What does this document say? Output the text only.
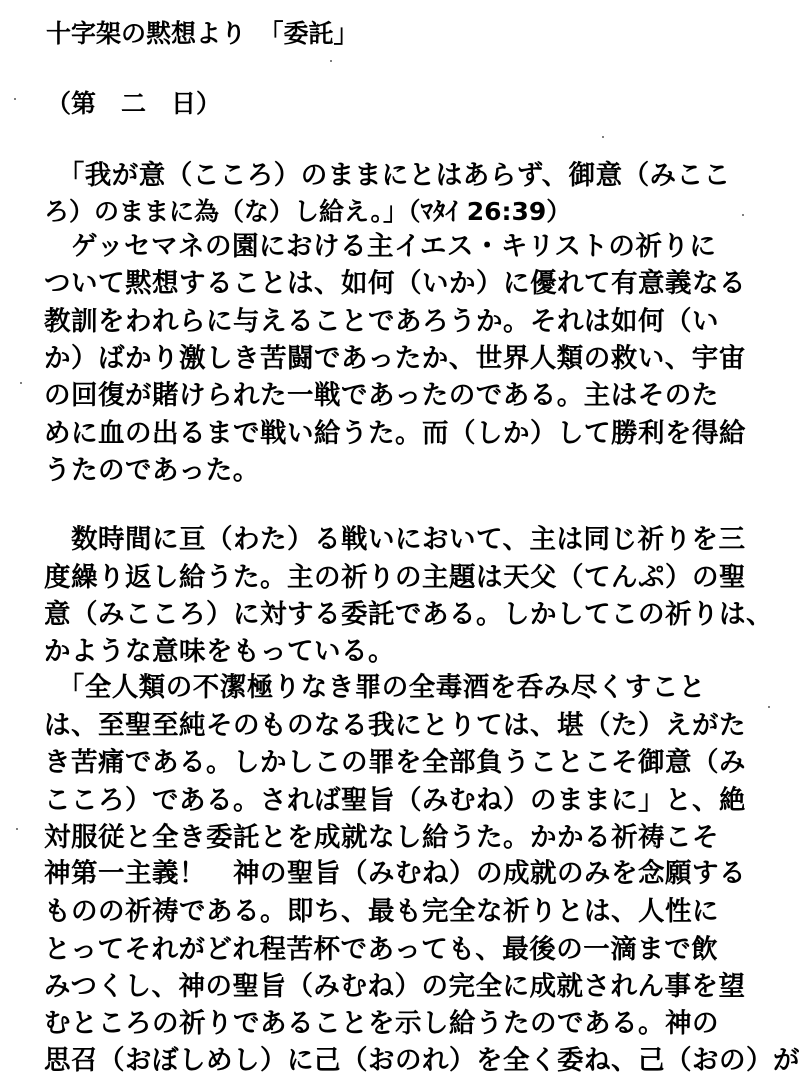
十字架の黙想より　「委託」
（第　二　日）
　「我が意（こころ）のままにとはあらず、御意（みここ
ろ）のままに為（な）し給え。」（ﾏﾀｲ 26:39）
　ゲッセマネの園における主イエス・キリストの祈りに
ついて黙想することは、如何（いか）に優れて有意義なる
教訓をわれらに与えることであろうか。それは如何（い
か）ばかり激しき苦闘であったか、世界人類の救い、宇宙
の回復が賭けられた一戦であったのである。主はそのた
めに血の出るまで戦い給うた。而（しか）して勝利を得給
うたのであった。
　数時間に亘（わた）る戦いにおいて、主は同じ祈りを三
度繰り返し給うた。主の祈りの主題は天父（てんぷ）の聖
意（みこころ）に対する委託である。しかしてこの祈りは、
かような意味をもっている。
　「全人類の不潔極りなき罪の全毒酒を呑み尽くすこと
は、至聖至純そのものなる我にとりては、堪（た）えがた
き苦痛である。しかしこの罪を全部負うことこそ御意（み
こころ）である。されば聖旨（みむね）のままに」と、絶
対服従と全き委託とを成就なし給うた。かかる祈祷こそ
神第一主義！　神の聖旨（みむね）の成就のみを念願する
ものの祈祷である。即ち、最も完全な祈りとは、人性に
とってそれがどれ程苦杯であっても、最後の一滴まで飲
みつくし、神の聖旨（みむね）の完全に成就されん事を望
むところの祈りであることを示し給うたのである。神の
思召（おぼしめし）に己（おのれ）を全く委ね、己（おの）が
